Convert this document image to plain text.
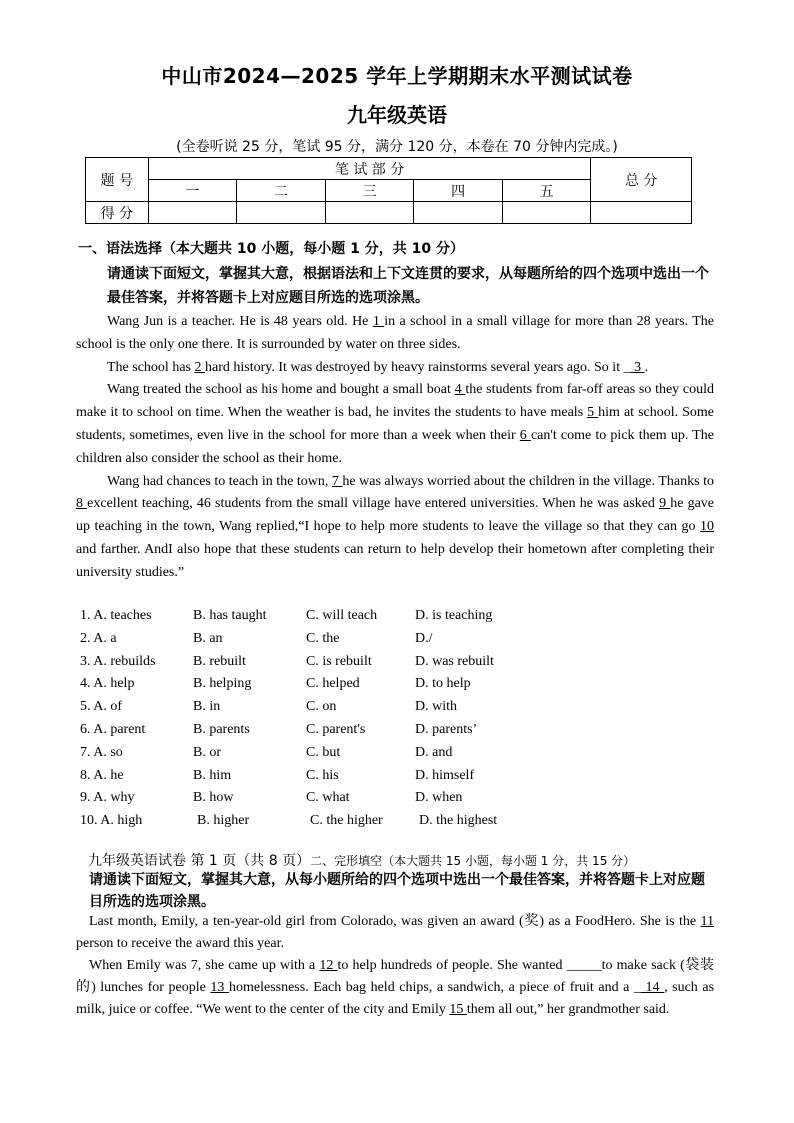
中山市2024—2025 学年上学期期末水平测试试卷
九年级英语
(全卷听说 25 分，笔试 95 分，满分 120 分，本卷在 70 分钟内完成。)
题 号	笔 试 部 分					总 分
	一	二	三	四	五	
得 分						
一、语法选择（本大题共 10 小题，每小题 1 分，共 10 分）
请通读下面短文，掌握其大意，根据语法和上下文连贯的要求，从每题所给的四个选项中选出一个最佳答案，并将答题卡上对应题目所选的选项涂黑。
Wang Jun is a teacher. He is 48 years old. He 1 in a school in a small village for more than 28 years. The school is the only one there. It is surrounded by water on three sides.
The school has 2 hard history. It was destroyed by heavy rainstorms several years ago. So it _ 3 .
Wang treated the school as his home and bought a small boat 4 the students from far-off areas so they could make it to school on time. When the weather is bad, he invites the students to have meals 5 him at school. Some students, sometimes, even live in the school for more than a week when their 6 can't come to pick them up. The children also consider the school as their home.
Wang had chances to teach in the town, 7 he was always worried about the children in the village. Thanks to 8 excellent teaching, 46 students from the small village have entered universities. When he was asked 9 he gave up teaching in the town, Wang replied,“I hope to help more students to leave the village so that they can go 10 and farther. AndI also hope that these students can return to help develop their hometown after completing their university studies.”
1. A. teaches	B. has taught	C. will teach	D. is teaching
2. A. a	B. an	C. the	D./
3. A. rebuilds	B. rebuilt	C. is rebuilt	D. was rebuilt
4. A. help	B. helping	C. helped	D. to help
5. A. of	B. in	C. on	D. with
6. A. parent	B. parents	C. parent's	D. parents’
7. A. so	B. or	C. but	D. and
8. A. he	B. him	C. his	D. himself
9. A. why	B. how	C. what	D. when
10. A. high	B. higher	C. the higher	D. the highest
九年级英语试卷 第 1 页（共 8 页）二、完形填空（本大题共 15 小题，每小题 1 分，共 15 分）
请通读下面短文，掌握其大意，从每小题所给的四个选项中选出一个最佳答案，并将答题卡上对应题目所选的选项涂黑。
Last month, Emily, a ten-year-old girl from Colorado, was given an award (奖) as a FoodHero. She is the 11 person to receive the award this year.
When Emily was 7, she came up with a 12 to help hundreds of people. She wanted _____to make sack (袋装的) lunches for people 13 homelessness. Each bag held chips, a sandwich, a piece of fruit and a _ 14 , such as milk, juice or coffee. “We went to the center of the city and Emily 15 them all out,” her grandmother said.
